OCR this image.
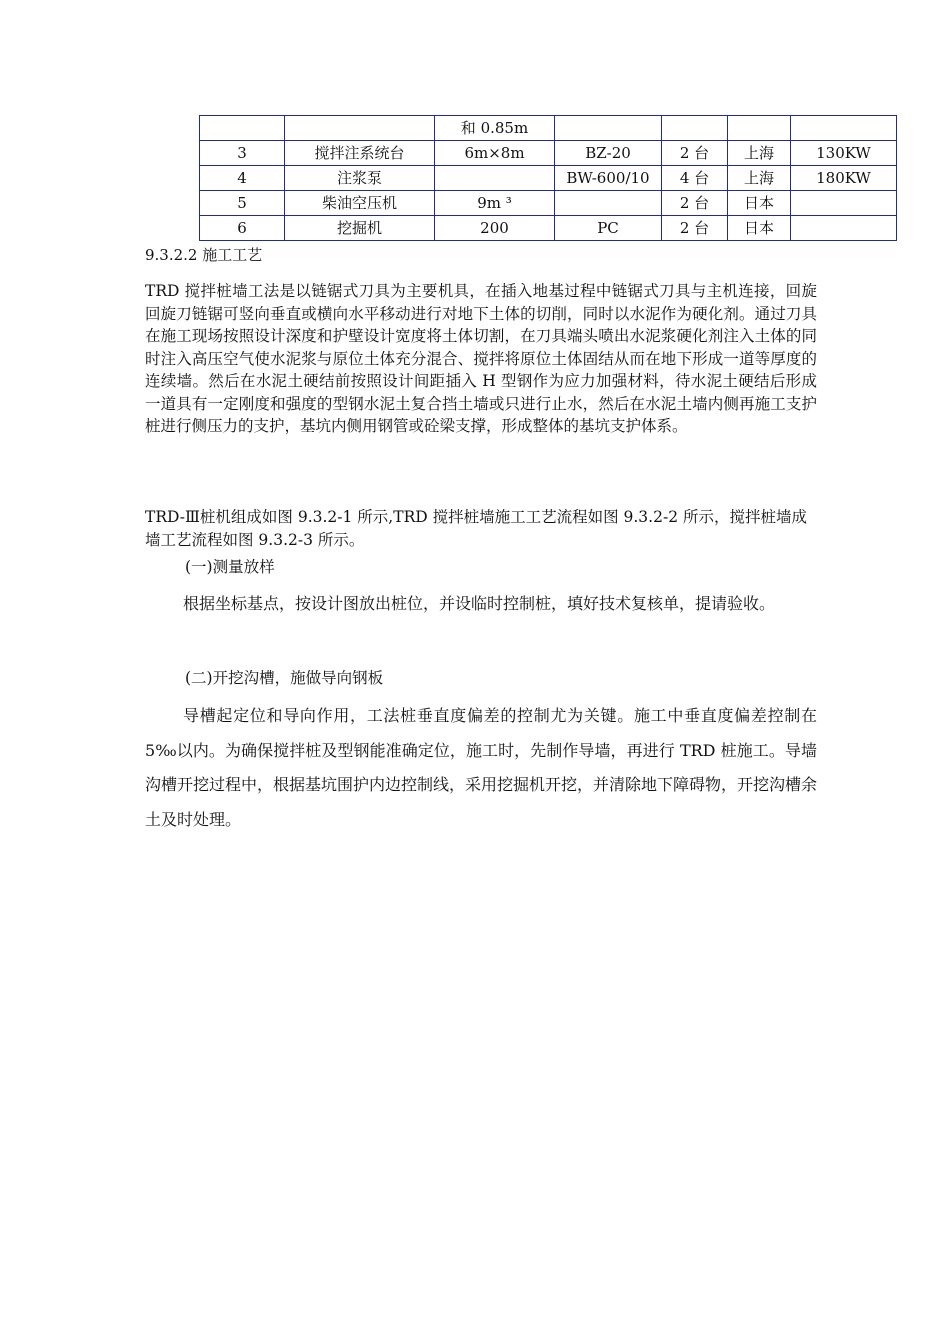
		和 0.85m				
3	搅拌注系统台	6m×8m	BZ-20	2 台	上海	130KW
4	注浆泵		BW-600/10	4 台	上海	180KW
5	柴油空压机	9m ³		2 台	日本	
6	挖掘机	200	PC	2 台	日本	
9.3.2.2 施工工艺

TRD 搅拌桩墙工法是以链锯式刀具为主要机具，在插入地基过程中链锯式刀具与主机连接，回旋回旋刀链锯可竖向垂直或横向水平移动进行对地下土体的切削，同时以水泥作为硬化剂。通过刀具在施工现场按照设计深度和护壁设计宽度将土体切割，在刀具端头喷出水泥浆硬化剂注入土体的同时注入高压空气使水泥浆与原位土体充分混合、搅拌将原位土体固结从而在地下形成一道等厚度的连续墙。然后在水泥土硬结前按照设计间距插入 H 型钢作为应力加强材料，待水泥土硬结后形成一道具有一定刚度和强度的型钢水泥土复合挡土墙或只进行止水，然后在水泥土墙内侧再施工支护桩进行侧压力的支护，基坑内侧用钢管或砼梁支撑，形成整体的基坑支护体系。

TRD-Ⅲ桩机组成如图 9.3.2-1 所示,TRD 搅拌桩墙施工工艺流程如图 9.3.2-2 所示，搅拌桩墙成墙工艺流程如图 9.3.2-3 所示。

(一)测量放样

根据坐标基点，按设计图放出桩位，并设临时控制桩，填好技术复核单，提请验收。

(二)开挖沟槽，施做导向钢板

导槽起定位和导向作用，工法桩垂直度偏差的控制尤为关键。施工中垂直度偏差控制在 5‰以内。为确保搅拌桩及型钢能准确定位，施工时，先制作导墙，再进行 TRD 桩施工。导墙沟槽开挖过程中，根据基坑围护内边控制线，采用挖掘机开挖，并清除地下障碍物，开挖沟槽余土及时处理。
